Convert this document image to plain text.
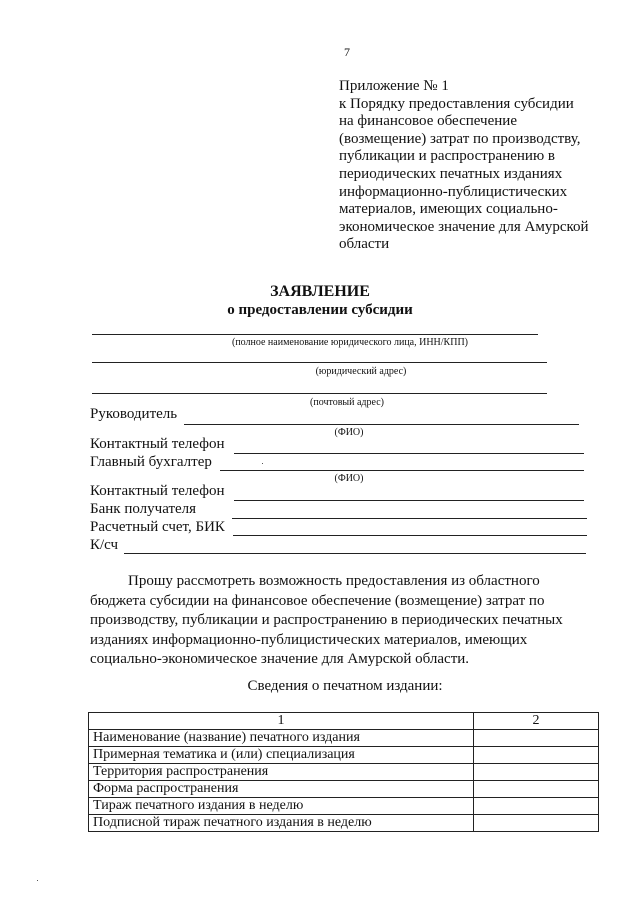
7
Приложение № 1
к Порядку предоставления субсидии
на финансовое обеспечение
(возмещение) затрат по производству,
публикации и распространению в
периодических печатных изданиях
информационно-публицистических
материалов, имеющих социально-
экономическое значение для Амурской
области
ЗАЯВЛЕНИЕ
о предоставлении субсидии
(полное наименование юридического лица, ИНН/КПП)
(юридический адрес)
(почтовый адрес)
Руководитель
(ФИО)
Контактный телефон
Главный бухгалтер
(ФИО)
Контактный телефон
Банк получателя
Расчетный счет, БИК
К/сч
Прошу рассмотреть возможность предоставления из областного
бюджета субсидии на финансовое обеспечение (возмещение) затрат по
производству, публикации и распространению в периодических печатных
изданиях информационно-публицистических материалов, имеющих
социально-экономическое значение для Амурской области.
Сведения о печатном издании:
1	2
Наименование (название) печатного издания	
Примерная тематика и (или) специализация	
Территория распространения	
Форма распространения	
Тираж печатного издания в неделю	
Подписной тираж печатного издания в неделю	
